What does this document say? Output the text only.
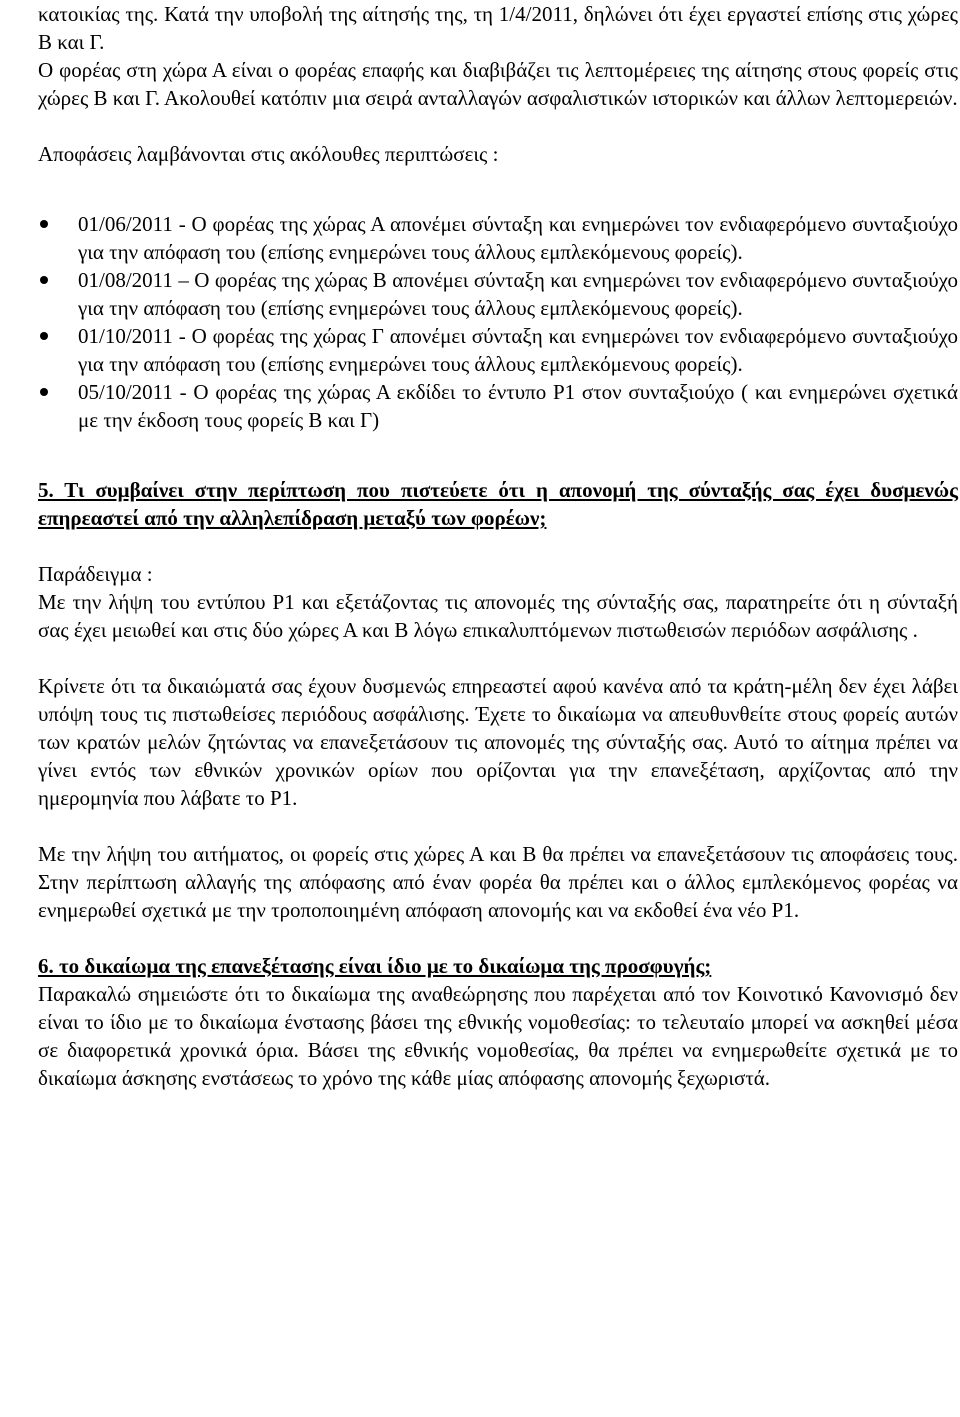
κατοικίας της. Κατά την υποβολή της αίτησής της, τη 1/4/2011, δηλώνει ότι έχει εργαστεί επίσης στις χώρες Β και Γ.

Ο φορέας στη χώρα Α είναι ο φορέας επαφής και διαβιβάζει τις λεπτομέρειες της αίτησης στους φορείς στις χώρες Β και Γ. Ακολουθεί κατόπιν μια σειρά ανταλλαγών ασφαλιστικών ιστορικών και άλλων λεπτομερειών.

Αποφάσεις λαμβάνονται στις ακόλουθες περιπτώσεις :

01/06/2011 - Ο φορέας της χώρας Α απονέμει σύνταξη και ενημερώνει τον ενδιαφερόμενο συνταξιούχο για την απόφαση του (επίσης ενημερώνει τους άλλους εμπλεκόμενους φορείς).
01/08/2011 – Ο φορέας της χώρας Β απονέμει σύνταξη και ενημερώνει τον ενδιαφερόμενο συνταξιούχο για την απόφαση του (επίσης ενημερώνει τους άλλους εμπλεκόμενους φορείς).
01/10/2011 - Ο φορέας της χώρας Γ απονέμει σύνταξη και ενημερώνει τον ενδιαφερόμενο συνταξιούχο για την απόφαση του (επίσης ενημερώνει τους άλλους εμπλεκόμενους φορείς).
05/10/2011 - Ο φορέας της χώρας Α εκδίδει το έντυπο Ρ1 στον συνταξιούχο ( και ενημερώνει σχετικά με την έκδοση τους φορείς Β και Γ)

5. Τι συμβαίνει στην περίπτωση που πιστεύετε ότι η απονομή της σύνταξής σας έχει δυσμενώς επηρεαστεί από την αλληλεπίδραση μεταξύ των φορέων;

Παράδειγμα :

Με την λήψη του εντύπου Ρ1 και εξετάζοντας τις απονομές της σύνταξής σας, παρατηρείτε ότι η σύνταξή σας έχει μειωθεί και στις δύο χώρες Α και Β λόγω επικαλυπτόμενων πιστωθεισών περιόδων ασφάλισης .

Κρίνετε ότι τα δικαιώματά σας έχουν δυσμενώς επηρεαστεί αφού κανένα από τα κράτη-μέλη δεν έχει λάβει υπόψη τους τις πιστωθείσες περιόδους ασφάλισης. Έχετε το δικαίωμα να απευθυνθείτε στους φορείς αυτών των κρατών μελών ζητώντας να επανεξετάσουν τις απονομές της σύνταξής σας. Αυτό το αίτημα πρέπει να γίνει εντός των εθνικών χρονικών ορίων που ορίζονται για την επανεξέταση, αρχίζοντας από την ημερομηνία που λάβατε το Ρ1.

Με την λήψη του αιτήματος, οι φορείς στις χώρες Α και Β θα πρέπει να επανεξετάσουν τις αποφάσεις τους. Στην περίπτωση αλλαγής της απόφασης από έναν φορέα θα πρέπει και ο άλλος εμπλεκόμενος φορέας να ενημερωθεί σχετικά με την τροποποιημένη απόφαση απονομής και να εκδοθεί ένα νέο Ρ1.

6. το δικαίωμα της επανεξέτασης είναι ίδιο με το δικαίωμα της προσφυγής;

Παρακαλώ σημειώστε ότι το δικαίωμα της αναθεώρησης που παρέχεται από τον Κοινοτικό Κανονισμό δεν είναι το ίδιο με το δικαίωμα ένστασης βάσει της εθνικής νομοθεσίας: το τελευταίο μπορεί να ασκηθεί μέσα σε διαφορετικά χρονικά όρια. Βάσει της εθνικής νομοθεσίας, θα πρέπει να ενημερωθείτε σχετικά με το δικαίωμα άσκησης ενστάσεως το χρόνο της κάθε μίας απόφασης απονομής ξεχωριστά.
